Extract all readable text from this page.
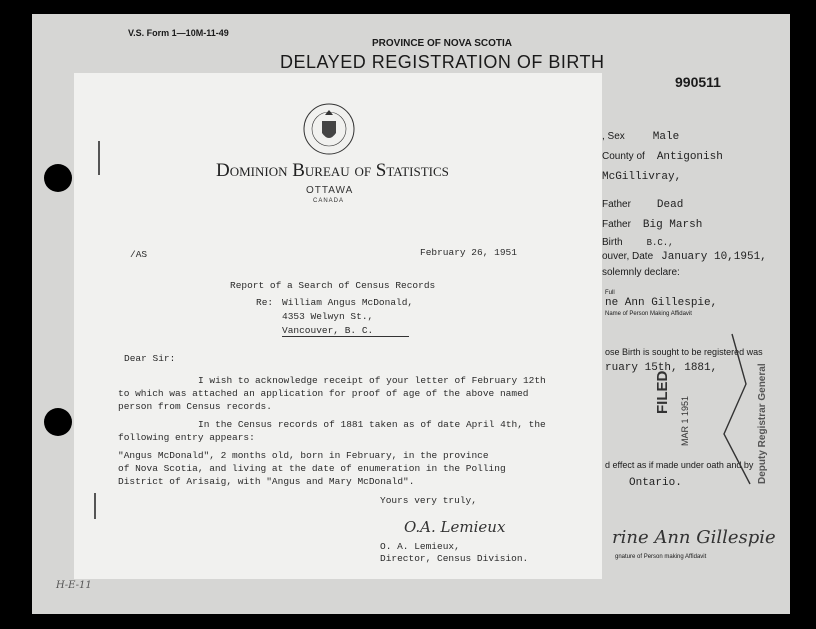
V.S. Form 1—10M-11-49
PROVINCE OF NOVA SCOTIA
DELAYED REGISTRATION OF BIRTH
990511
, Sex	Male
County of Antigonish
McGillivray,
Father Dead
Father Big Marsh
Birth	B.C.,
ouver, Date January 10,1951,
solemnly declare:
Full
ne Ann Gillespie,
Name of Person Making Affidavit
ose Birth is sought to be registered was
ruary 15th, 1881,
d effect as if made under oath and by
Ontario.
FILED
MAR 1 1951	Deputy Registrar General
rine Ann Gillespie
gnature of Person making Affidavit
H-E-11
Dominion Bureau of Statistics
OTTAWA
CANADA
/AS	February 26, 1951
Report of a Search of Census Records
Re: William Angus McDonald,
4353 Welwyn St.,
Vancouver, B. C.
Dear Sir:
I wish to acknowledge receipt of your letter of February 12th
to which was attached an application for proof of age of the above named
person from Census records.
In the Census records of 1881 taken as of date April 4th, the
following entry appears:
"Angus McDonald", 2 months old, born in February, in the province
of Nova Scotia, and living at the date of enumeration in the Polling
District of Arisaig, with "Angus and Mary McDonald".
Yours very truly,
O.A. Lemieux
O. A. Lemieux,
Director, Census Division.
